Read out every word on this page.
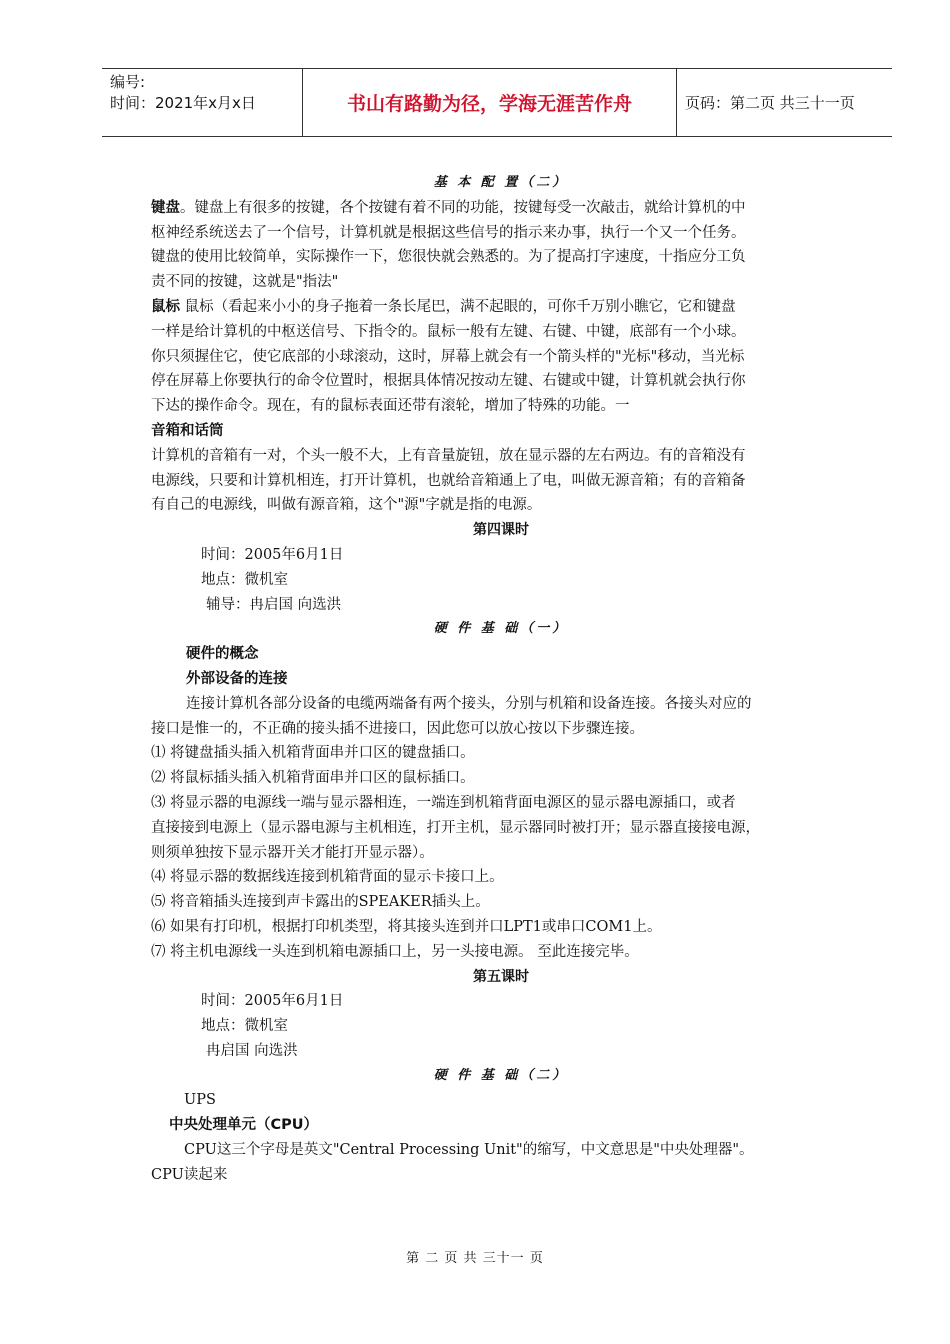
编号:
时间：2021年x月x日	书山有路勤为径，学海无涯苦作舟	页码：第二页 共三十一页
基 本 配 置（二）
键盘。键盘上有很多的按键，各个按键有着不同的功能，按键每受一次敲击，就给计算机的中
枢神经系统送去了一个信号，计算机就是根据这些信号的指示来办事，执行一个又一个任务。
键盘的使用比较简单，实际操作一下，您很快就会熟悉的。为了提高打字速度，十指应分工负
责不同的按键，这就是"指法"
鼠标 鼠标（看起来小小的身子拖着一条长尾巴，满不起眼的，可你千万别小瞧它，它和键盘
一样是给计算机的中枢送信号、下指令的。鼠标一般有左键、右键、中键，底部有一个小球。
你只须握住它，使它底部的小球滚动，这时，屏幕上就会有一个箭头样的"光标"移动，当光标
停在屏幕上你要执行的命令位置时，根据具体情况按动左键、右键或中键，计算机就会执行你
下达的操作命令。现在，有的鼠标表面还带有滚轮，增加了特殊的功能。一
音箱和话筒
计算机的音箱有一对，个头一般不大，上有音量旋钮，放在显示器的左右两边。有的音箱没有
电源线，只要和计算机相连，打开计算机，也就给音箱通上了电，叫做无源音箱；有的音箱备
有自己的电源线，叫做有源音箱，这个"源"字就是指的电源。
第四课时
时间：2005年6月1日
地点：微机室
辅导：冉启国 向选洪
硬 件 基 础（一）
硬件的概念
外部设备的连接
连接计算机各部分设备的电缆两端备有两个接头，分别与机箱和设备连接。各接头对应的
接口是惟一的，不正确的接头插不进接口，因此您可以放心按以下步骤连接。
⑴ 将键盘插头插入机箱背面串并口区的键盘插口。
⑵ 将鼠标插头插入机箱背面串并口区的鼠标插口。
⑶ 将显示器的电源线一端与显示器相连，一端连到机箱背面电源区的显示器电源插口，或者
直接接到电源上（显示器电源与主机相连，打开主机，显示器同时被打开；显示器直接接电源，
则须单独按下显示器开关才能打开显示器）。
⑷ 将显示器的数据线连接到机箱背面的显示卡接口上。
⑸ 将音箱插头连接到声卡露出的SPEAKER插头上。
⑹ 如果有打印机，根据打印机类型，将其接头连到并口LPT1或串口COM1上。
⑺ 将主机电源线一头连到机箱电源插口上，另一头接电源。 至此连接完毕。
第五课时
时间：2005年6月1日
地点：微机室
冉启国 向选洪
硬 件 基 础（二）
UPS
中央处理单元（CPU）
CPU这三个字母是英文"Central Processing Unit"的缩写，中文意思是"中央处理器"。
CPU读起来
第 二 页 共 三十一 页
